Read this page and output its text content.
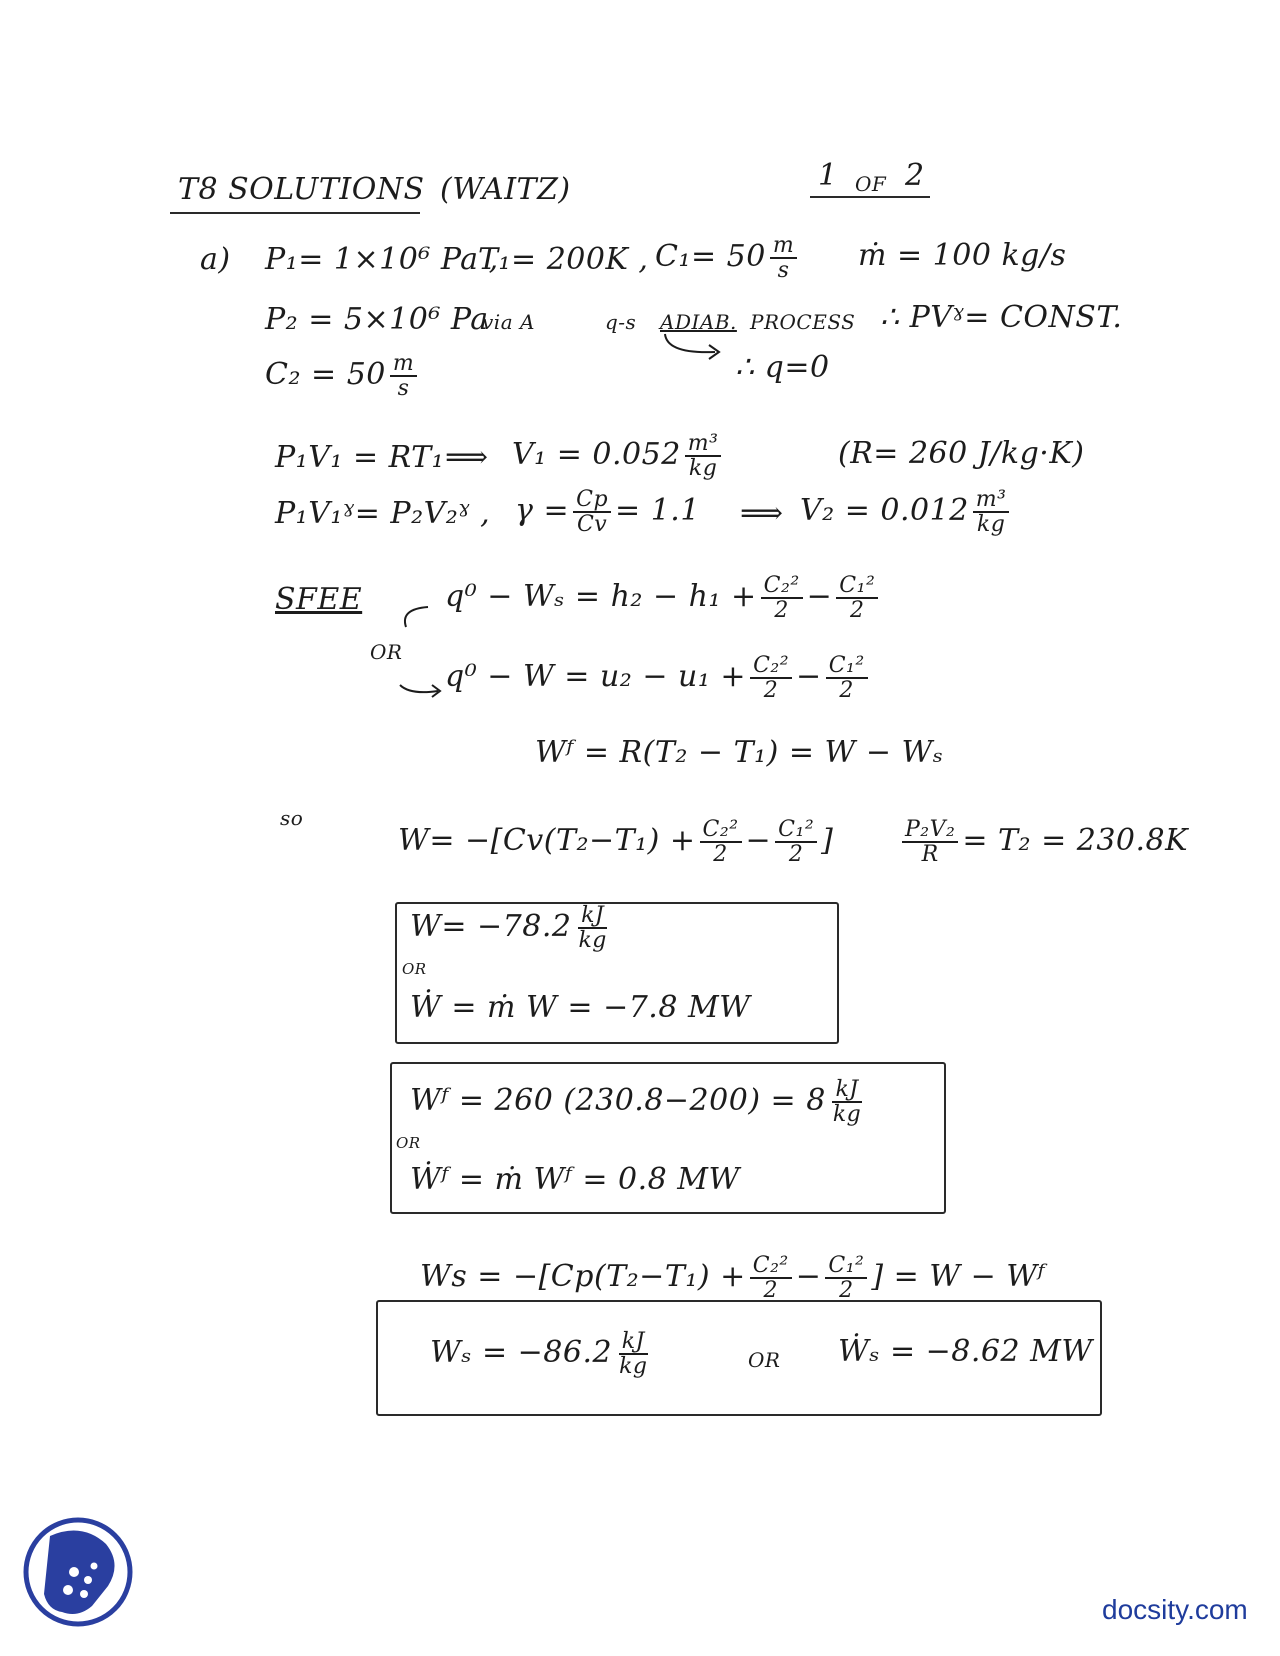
T8 SOLUTIONS (WAITZ)	1 OF 2
a) P₁= 1×10⁶ Pa ,
T₁= 200K , $C_1= 50 \frac{m}{s}$ ṁ = 100 kg/s
P₂ = 5×10⁶ Pa
via A	q-s ADIAB. PROCESS ∴ PVˠ= CONST.
$C_2 = 50 \frac{m}{s}$	∴ q=0
P₁V₁ = RT₁ ⟹ $V_1 = 0.052 \frac{\text{m³}}{kg}$	(R= 260 J/kg·K)
P₁V₁ˠ= P₂V₂ˠ , $\gamma = \frac{Cp}{Cv} = 1.1$ ⟹ $V_2 = 0.012 \frac{\text{m³}}{kg}$
SFEE	$q^0 - W_s = h_2 - h_1 + \frac{\text{C₂²}}{2} - \frac{\text{C₁²}}{2}$
OR
$q^0 - W = u_2 - u_1 + \frac{\text{C₂²}}{2} - \frac{\text{C₁²}}{2}$
Wᶠ = R(T₂ − T₁) = W − Wₛ
so
$W= -[Cv(T_2-T_1) + \frac{\text{C₂²}}{2} - \frac{\text{C₁²}}{2}$ ]	$\frac{\text{P₂V₂}}{R} = T_2 = 230.8K$
$W= -78.2 \frac{kJ}{kg}$
OR
Ẇ = ṁ W = −7.8 MW
Wᶠ = 260 $(230.8-200) = 8 \frac{kJ}{kg}$
OR
Ẇᶠ = ṁ Wᶠ = 0.8 MW
$Ws = -[Cp(T_2-T_1) + \frac{\text{C₂²}}{2} - \frac{\text{C₁²}}{2}$ ] = W − Wᶠ
$W_s = -86.2 \frac{kJ}{kg}$	OR Ẇₛ = −8.62 MW
docsity.com
